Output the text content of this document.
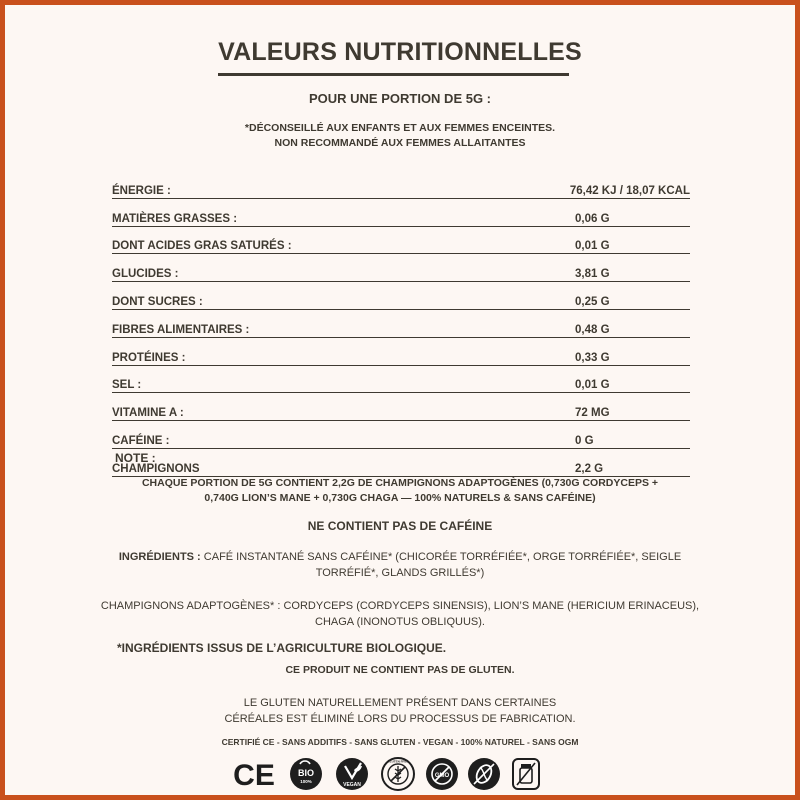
VALEURS NUTRITIONNELLES
POUR UNE PORTION DE 5G :
*DÉCONSEILLÉ AUX ENFANTS ET AUX FEMMES ENCEINTES.
NON RECOMMANDÉ AUX FEMMES ALLAITANTES
ÉNERGIE :	76,42 KJ / 18,07 KCAL
MATIÈRES GRASSES :	0,06 G
DONT ACIDES GRAS SATURÉS :	0,01 G
GLUCIDES :	3,81 G
DONT SUCRES :	0,25 G
FIBRES ALIMENTAIRES :	0,48 G
PROTÉINES :	0,33 G
SEL :	0,01 G
VITAMINE A :	72 MG
CAFÉINE :	0 G
CHAMPIGNONS	2,2 G
NOTE :
CHAQUE PORTION DE 5G CONTIENT 2,2G DE CHAMPIGNONS ADAPTOGÈNES (0,730G CORDYCEPS +
0,740G LION’S MANE + 0,730G CHAGA — 100% NATURELS & SANS CAFÉINE)
NE CONTIENT PAS DE CAFÉINE
INGRÉDIENTS : CAFÉ INSTANTANÉ SANS CAFÉINE* (CHICORÉE TORRÉFIÉE*, ORGE TORRÉFIÉE*, SEIGLE
TORRÉFIÉ*, GLANDS GRILLÉS*)
CHAMPIGNONS ADAPTOGÈNES* : CORDYCEPS (CORDYCEPS SINENSIS), LION’S MANE (HERICIUM ERINACEUS),
CHAGA (INONOTUS OBLIQUUS).
*INGRÉDIENTS ISSUS DE L’AGRICULTURE BIOLOGIQUE.
CE PRODUIT NE CONTIENT PAS DE GLUTEN.
LE GLUTEN NATURELLEMENT PRÉSENT DANS CERTAINES
CÉRÉALES EST ÉLIMINÉ LORS DU PROCESSUS DE FABRICATION.
CERTIFIÉ CE - SANS ADDITIFS - SANS GLUTEN - VEGAN - 100% NATUREL - SANS OGM
CE	BIO
100%
VEGAN
GLUTEN FREE
GMO
